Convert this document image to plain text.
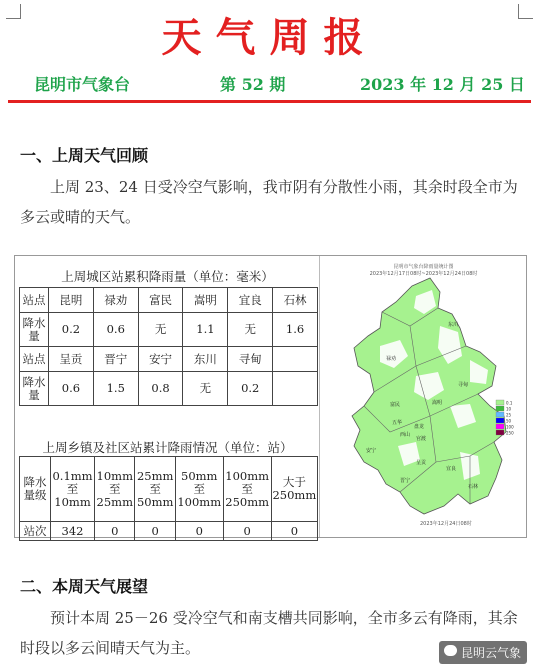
天气周报
昆明市气象台	第 52 期	2023 年 12 月 25 日
一、上周天气回顾
上周 23、24 日受冷空气影响，我市阴有分散性小雨，其余时段全市为多云或晴的天气。
上周城区站累积降雨量（单位：毫米）
站点	昆明	禄劝	富民	嵩明	宜良	石林
降水量	0.2	0.6	无	1.1	无	1.6
站点	呈贡	晋宁	安宁	东川	寻甸	
降水量	0.6	1.5	0.8	无	0.2	
上周乡镇及社区站累计降雨情况（单位：站）
降水量级	0.1mm至10mm	10mm至25mm	25mm至50mm	50mm至100mm	100mm至250mm	大于250mm
站次	342	0	0	0	0	0
昆明市气象台降雨量统计图
2023年12月17日08时~2023年12月24日08时
东川
禄劝
寻甸
嵩明
富民
五华
盘龙
官渡
西山
呈贡
安宁
晋宁
宜良
石林
0.1
10
25
50
100
250
2023年12月24日08时
二、本周天气展望
预计本周 25－26 受冷空气和南支槽共同影响，全市多云有降雨，其余时段以多云间晴天气为主。	昆明云气象
